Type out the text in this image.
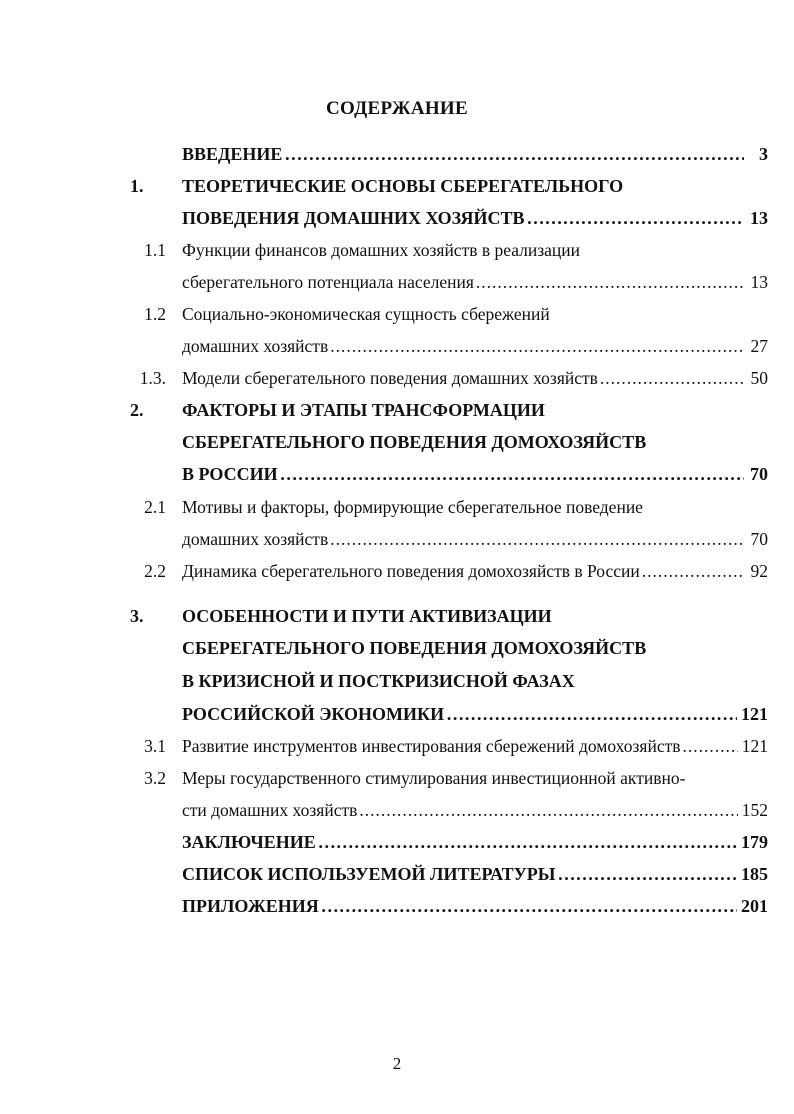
СОДЕРЖАНИЕ
ВВЕДЕНИЕ ………………………………………………………………………………………………………………………………………………………………………………………………	3
1.	ТЕОРЕТИЧЕСКИЕ ОСНОВЫ СБЕРЕГАТЕЛЬНОГО
ПОВЕДЕНИЯ ДОМАШНИХ ХОЗЯЙСТВ ………………………………………………………………………………………………………………………………………………………………………………………………	13
1.1 Функции финансов домашних хозяйств в реализации
сберегательного потенциала населения .....	13
1.2 Социально-экономическая сущность сбережений
домашних хозяйств .....	27
1.3. Модели сберегательного поведения домашних хозяйств .....	50
2.	ФАКТОРЫ И ЭТАПЫ ТРАНСФОРМАЦИИ
СБЕРЕГАТЕЛЬНОГО ПОВЕДЕНИЯ ДОМОХОЗЯЙСТВ
В РОССИИ ………………………………………………………………………………………………………………………………………………………………………………………………	70
2.1 Мотивы и факторы, формирующие сберегательное поведение
домашних хозяйств .....	70
2.2 Динамика сберегательного поведения домохозяйств в России .....	92
3.	ОСОБЕННОСТИ И ПУТИ АКТИВИЗАЦИИ
СБЕРЕГАТЕЛЬНОГО ПОВЕДЕНИЯ ДОМОХОЗЯЙСТВ
В КРИЗИСНОЙ И ПОСТКРИЗИСНОЙ ФАЗАХ
РОССИЙСКОЙ ЭКОНОМИКИ ………………………………………………………………………………………………………………………………………………………………………………………………	121
3.1 Развитие инструментов инвестирования сбережений домохозяйств .....	121
3.2 Меры государственного стимулирования инвестиционной активно-
сти домашних хозяйств .....	152
ЗАКЛЮЧЕНИЕ ………………………………………………………………………………………………………………………………………………………………………………………………	179
СПИСОК ИСПОЛЬЗУЕМОЙ ЛИТЕРАТУРЫ ………………………………………………………………………………………………………………………………………………………………………………………………	185
ПРИЛОЖЕНИЯ ………………………………………………………………………………………………………………………………………………………………………………………………	201
2
